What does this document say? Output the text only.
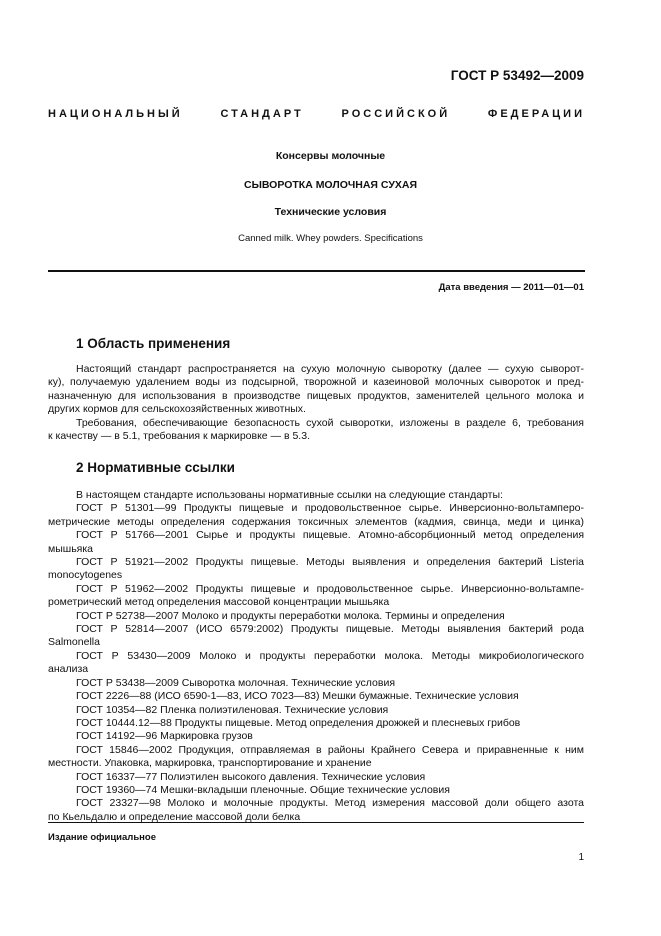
ГОСТ Р 53492—2009
НАЦИОНАЛЬНЫЙ СТАНДАРТ РОССИЙСКОЙ ФЕДЕРАЦИИ
Консервы молочные
СЫВОРОТКА МОЛОЧНАЯ СУХАЯ
Технические условия
Canned milk. Whey powders. Specifications
Дата введения — 2011—01—01
1 Область применения

Настоящий стандарт распространяется на сухую молочную сыворотку (далее — сухую сыворот-

ку), получаемую удалением воды из подсырной, творожной и казеиновой молочных сывороток и пред-

назначенную для использования в производстве пищевых продуктов, заменителей цельного молока и

других кормов для сельскохозяйственных животных.

Требования, обеспечивающие безопасность сухой сыворотки, изложены в разделе 6, требования

к качеству — в 5.1, требования к маркировке — в 5.3.

2 Нормативные ссылки

В настоящем стандарте использованы нормативные ссылки на следующие стандарты:

ГОСТ Р 51301—99 Продукты пищевые и продовольственное сырье. Инверсионно-вольтампеpo-

метрические методы определения содержания токсичных элементов (кадмия, свинца, меди и цинка)

ГОСТ Р 51766—2001 Сырье и продукты пищевые. Атомно-абсорбционный метод определения

мышьяка

ГОСТ Р 51921—2002 Продукты пищевые. Методы выявления и определения бактерий Listeria

monocytogenes

ГОСТ Р 51962—2002 Продукты пищевые и продовольственное сырье. Инверсионно-вольтампе-

рометрический метод определения массовой концентрации мышьяка

ГОСТ Р 52738—2007 Молоко и продукты переработки молока. Термины и определения

ГОСТ Р 52814—2007 (ИСО 6579:2002) Продукты пищевые. Методы выявления бактерий рода

Salmonella

ГОСТ Р 53430—2009 Молоко и продукты переработки молока. Методы микробиологического

анализа

ГОСТ Р 53438—2009 Сыворотка молочная. Технические условия

ГОСТ 2226—88 (ИСО 6590-1—83, ИСО 7023—83) Мешки бумажные. Технические условия

ГОСТ 10354—82 Пленка полиэтиленовая. Технические условия

ГОСТ 10444.12—88 Продукты пищевые. Метод определения дрожжей и плесневых грибов

ГОСТ 14192—96 Маркировка грузов

ГОСТ 15846—2002 Продукция, отправляемая в районы Крайнего Севера и приравненные к ним

местности. Упаковка, маркировка, транспортирование и хранение

ГОСТ 16337—77 Полиэтилен высокого давления. Технические условия

ГОСТ 19360—74 Мешки-вкладыши пленочные. Общие технические условия

ГОСТ 23327—98 Молоко и молочные продукты. Метод измерения массовой доли общего азота

по Кьельдалю и определение массовой доли белка

Издание официальное
1
